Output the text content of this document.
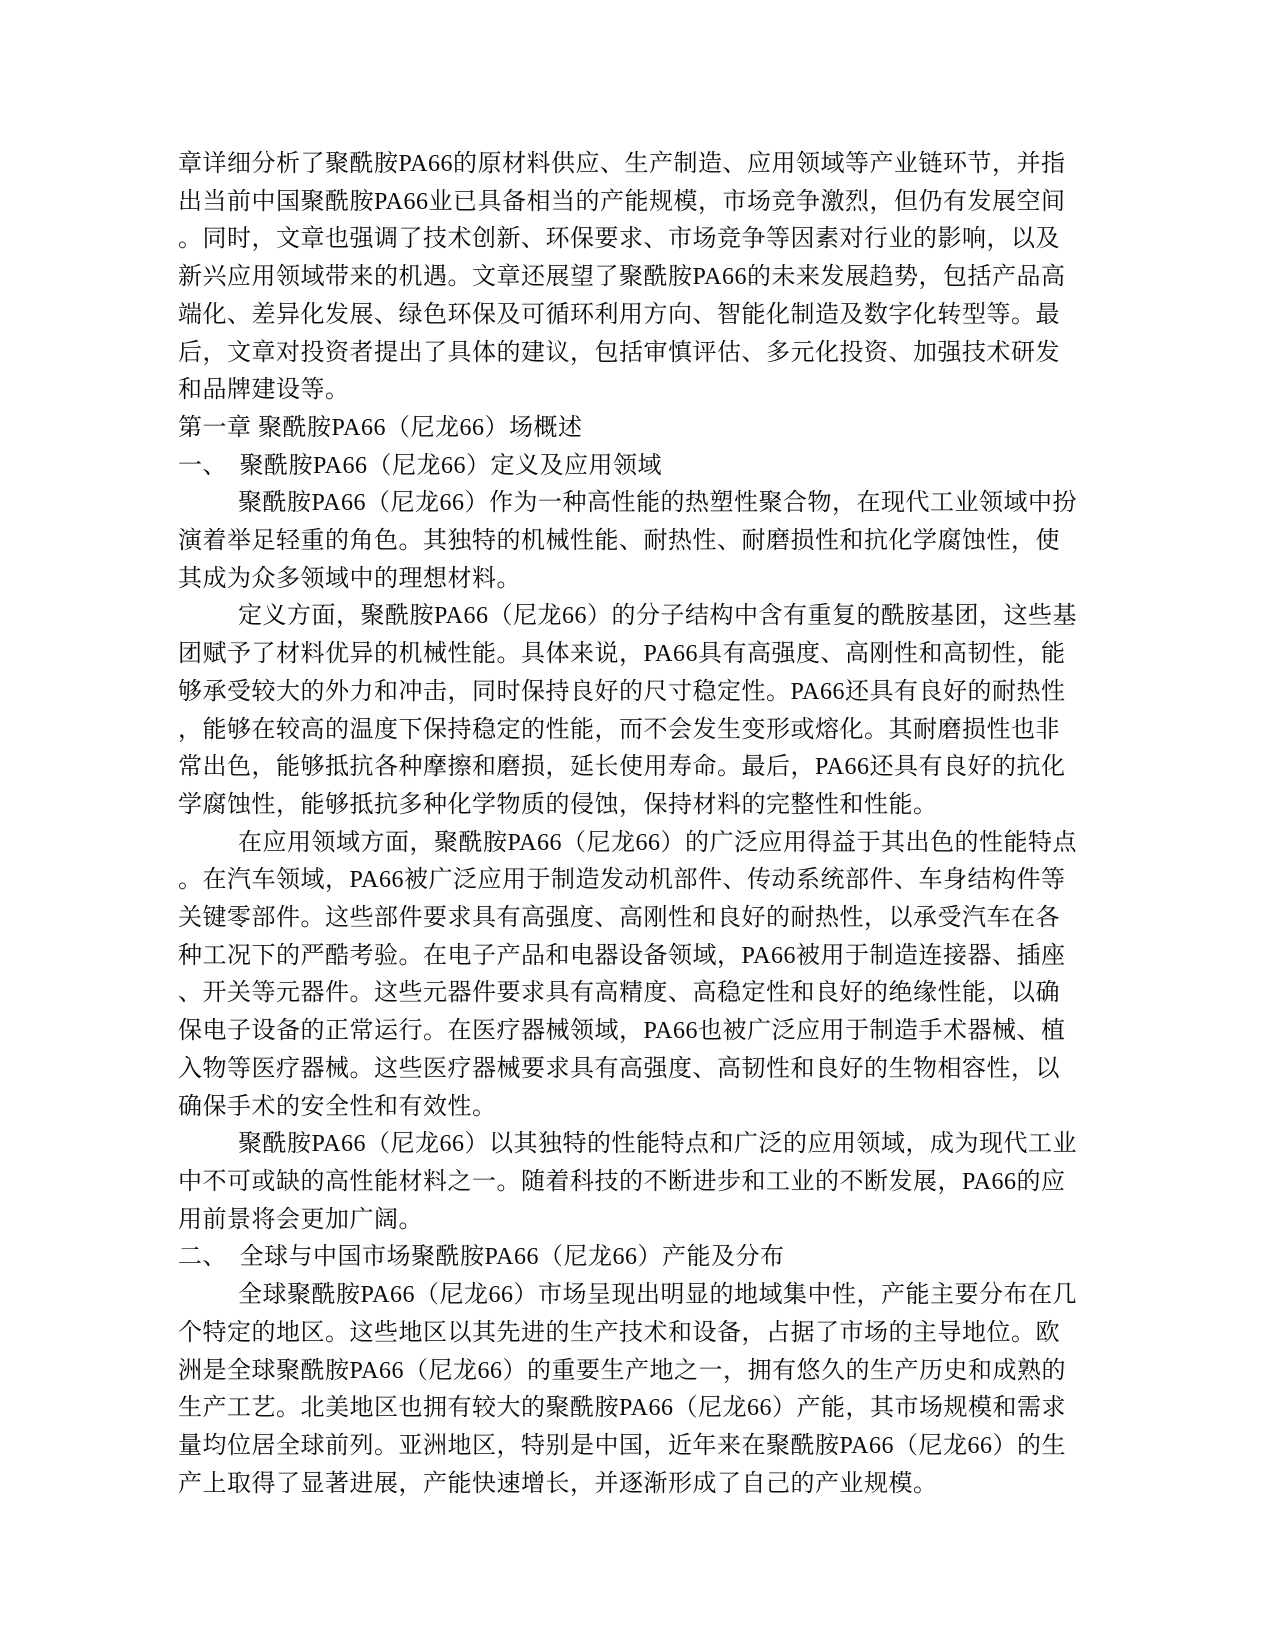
章详细分析了聚酰胺PA66的原材料供应、生产制造、应用领域等产业链环节，并指
出当前中国聚酰胺PA66业已具备相当的产能规模，市场竞争激烈，但仍有发展空间
。同时，文章也强调了技术创新、环保要求、市场竞争等因素对行业的影响，以及
新兴应用领域带来的机遇。文章还展望了聚酰胺PA66的未来发展趋势，包括产品高
端化、差异化发展、绿色环保及可循环利用方向、智能化制造及数字化转型等。最
后，文章对投资者提出了具体的建议，包括审慎评估、多元化投资、加强技术研发
和品牌建设等。
第一章 聚酰胺PA66（尼龙66）场概述
一、　聚酰胺PA66（尼龙66）定义及应用领域
聚酰胺PA66（尼龙66）作为一种高性能的热塑性聚合物，在现代工业领域中扮
演着举足轻重的角色。其独特的机械性能、耐热性、耐磨损性和抗化学腐蚀性，使
其成为众多领域中的理想材料。
定义方面，聚酰胺PA66（尼龙66）的分子结构中含有重复的酰胺基团，这些基
团赋予了材料优异的机械性能。具体来说，PA66具有高强度、高刚性和高韧性，能
够承受较大的外力和冲击，同时保持良好的尺寸稳定性。PA66还具有良好的耐热性
，能够在较高的温度下保持稳定的性能，而不会发生变形或熔化。其耐磨损性也非
常出色，能够抵抗各种摩擦和磨损，延长使用寿命。最后，PA66还具有良好的抗化
学腐蚀性，能够抵抗多种化学物质的侵蚀，保持材料的完整性和性能。
在应用领域方面，聚酰胺PA66（尼龙66）的广泛应用得益于其出色的性能特点
。在汽车领域，PA66被广泛应用于制造发动机部件、传动系统部件、车身结构件等
关键零部件。这些部件要求具有高强度、高刚性和良好的耐热性，以承受汽车在各
种工况下的严酷考验。在电子产品和电器设备领域，PA66被用于制造连接器、插座
、开关等元器件。这些元器件要求具有高精度、高稳定性和良好的绝缘性能，以确
保电子设备的正常运行。在医疗器械领域，PA66也被广泛应用于制造手术器械、植
入物等医疗器械。这些医疗器械要求具有高强度、高韧性和良好的生物相容性，以
确保手术的安全性和有效性。
聚酰胺PA66（尼龙66）以其独特的性能特点和广泛的应用领域，成为现代工业
中不可或缺的高性能材料之一。随着科技的不断进步和工业的不断发展，PA66的应
用前景将会更加广阔。
二、　全球与中国市场聚酰胺PA66（尼龙66）产能及分布
全球聚酰胺PA66（尼龙66）市场呈现出明显的地域集中性，产能主要分布在几
个特定的地区。这些地区以其先进的生产技术和设备，占据了市场的主导地位。欧
洲是全球聚酰胺PA66（尼龙66）的重要生产地之一，拥有悠久的生产历史和成熟的
生产工艺。北美地区也拥有较大的聚酰胺PA66（尼龙66）产能，其市场规模和需求
量均位居全球前列。亚洲地区，特别是中国，近年来在聚酰胺PA66（尼龙66）的生
产上取得了显著进展，产能快速增长，并逐渐形成了自己的产业规模。
